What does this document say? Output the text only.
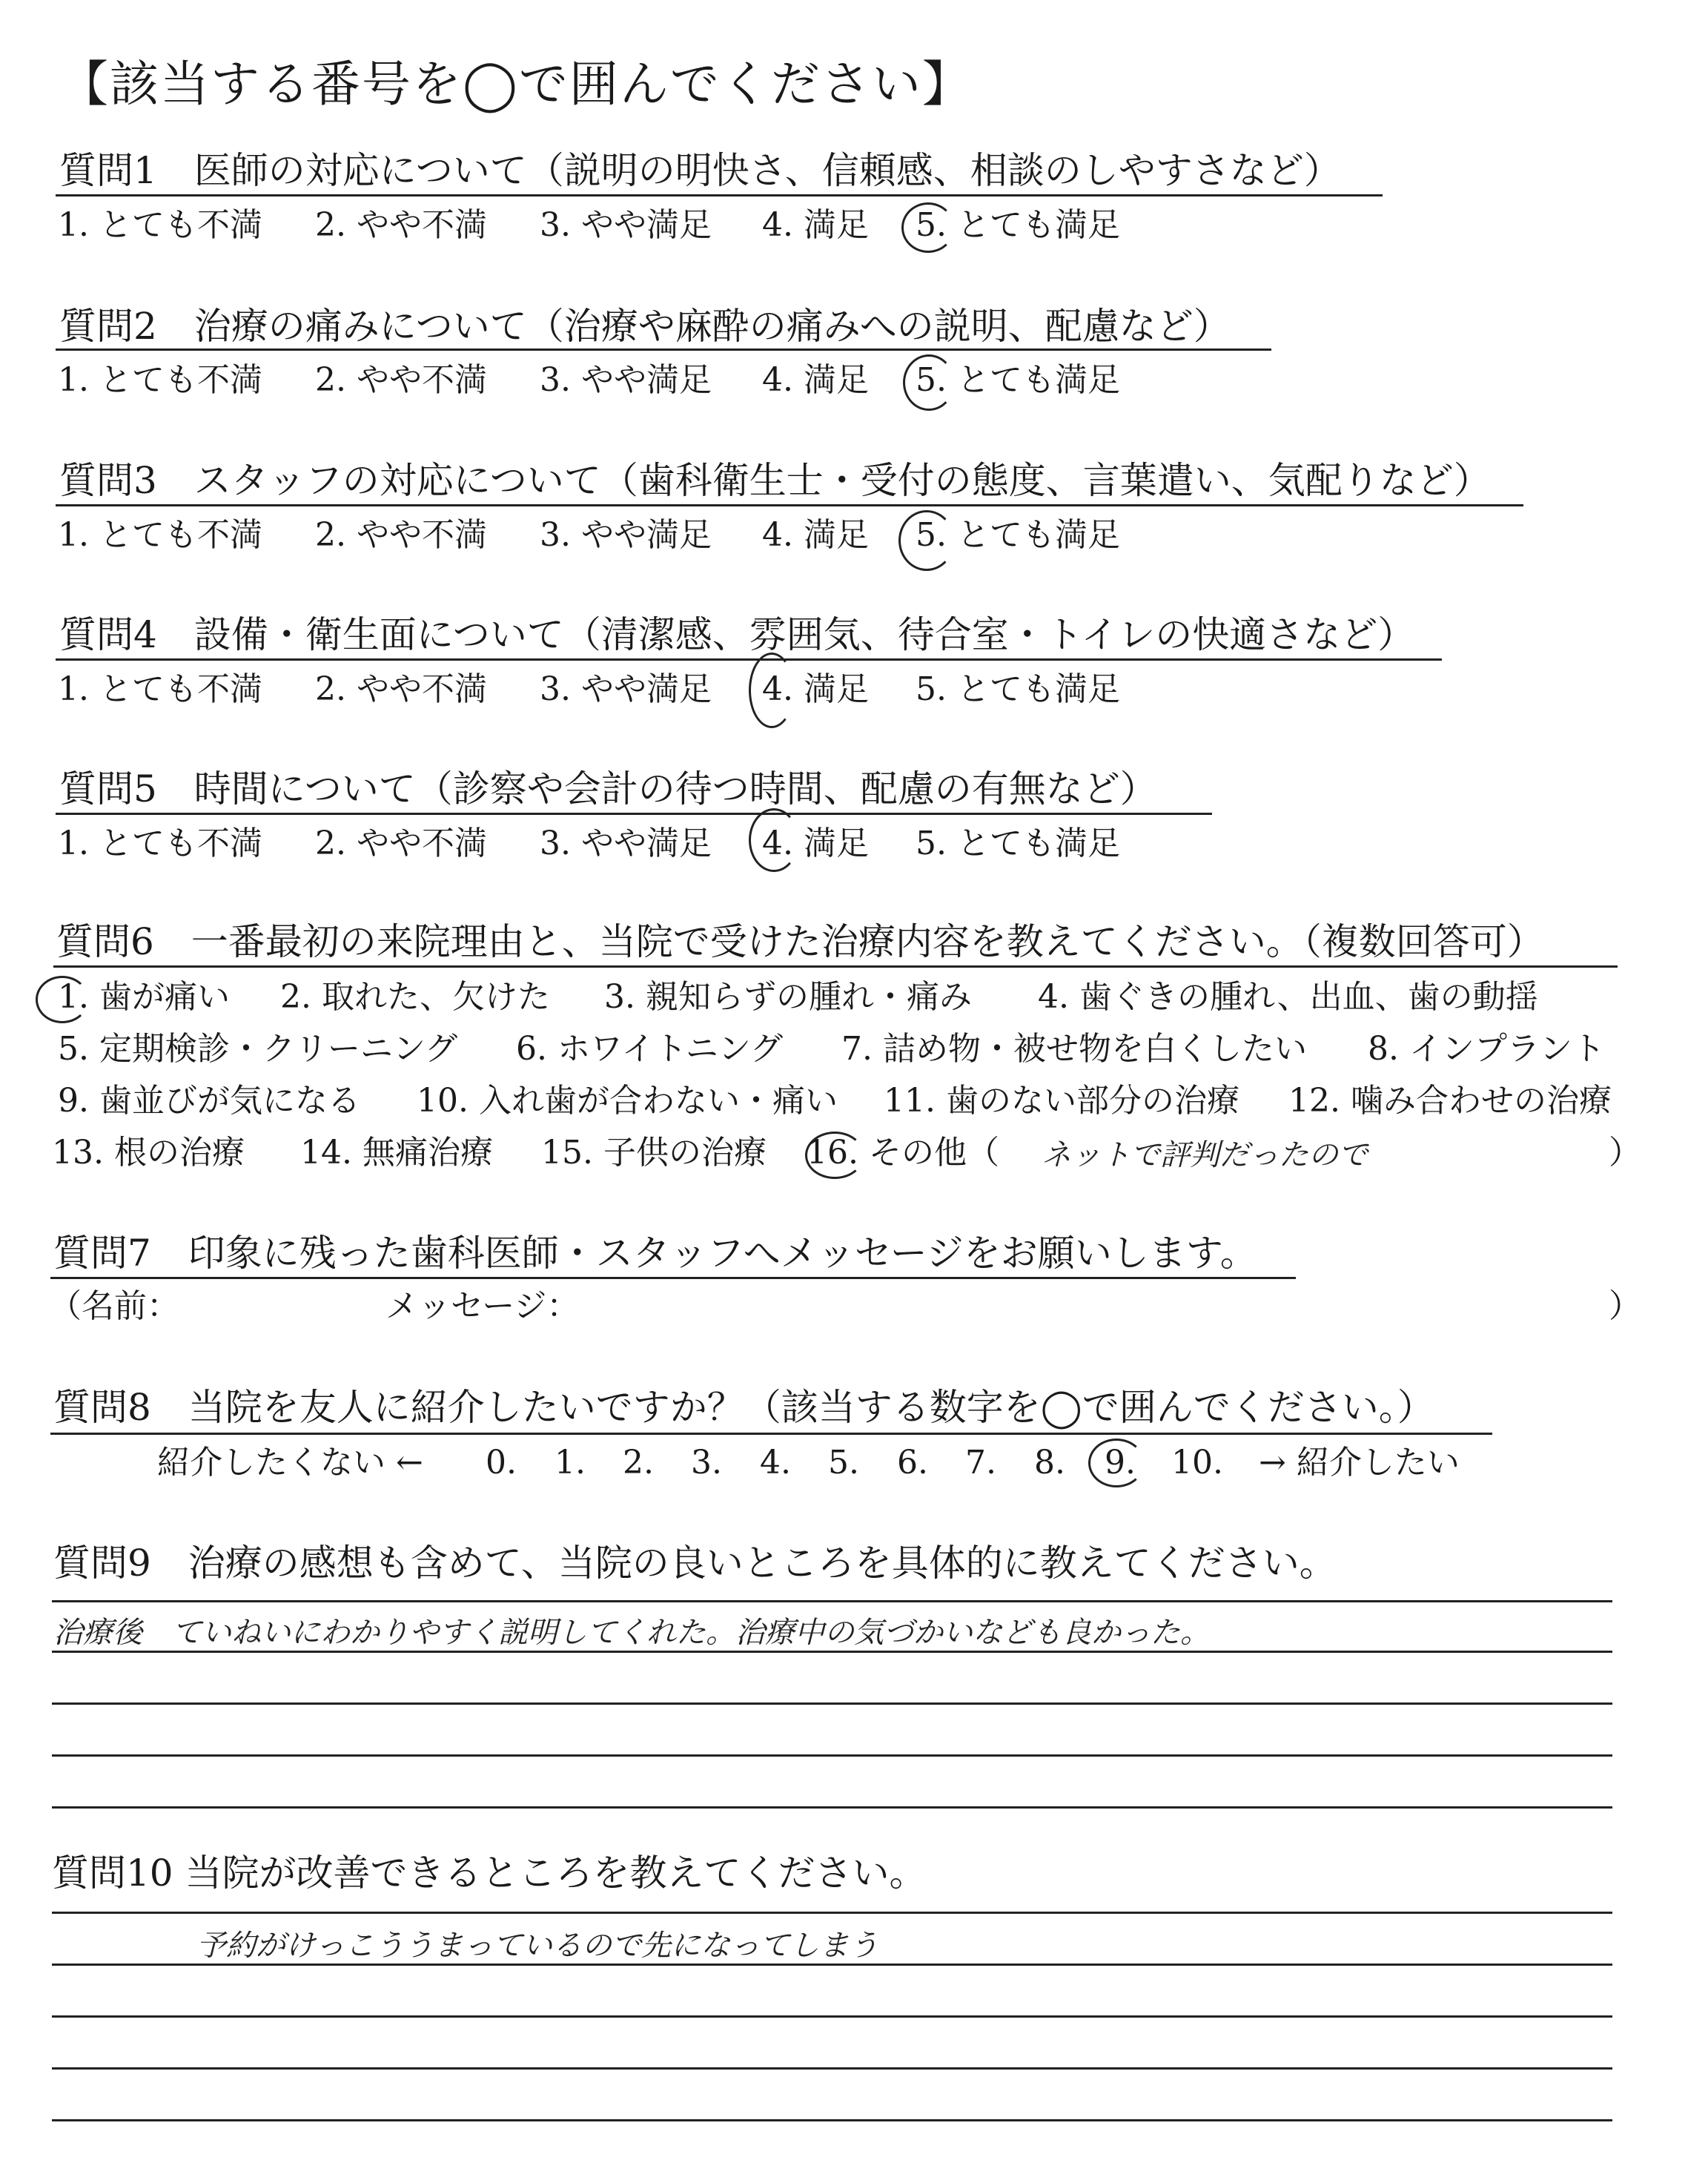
【該当する番号を◯で囲んでください】
質問1　医師の対応について（説明の明快さ、信頼感、相談のしやすさなど）
1. とても不満 2. やや不満 3. やや満足 4. 満足 5. とても満足
質問2　治療の痛みについて（治療や麻酔の痛みへの説明、配慮など）
1. とても不満 2. やや不満 3. やや満足 4. 満足 5. とても満足
質問3　スタッフの対応について（歯科衛生士・受付の態度、言葉遣い、気配りなど）
1. とても不満 2. やや不満 3. やや満足 4. 満足 5. とても満足
質問4　設備・衛生面について（清潔感、雰囲気、待合室・トイレの快適さなど）
1. とても不満 2. やや不満 3. やや満足 4. 満足 5. とても満足
質問5　時間について（診察や会計の待つ時間、配慮の有無など）
1. とても不満 2. やや不満 3. やや満足 4. 満足 5. とても満足
質問6　一番最初の来院理由と、当院で受けた治療内容を教えてください。（複数回答可）
1. 歯が痛い 2. 取れた、欠けた 3. 親知らずの腫れ・痛み 4. 歯ぐきの腫れ、出血、歯の動揺
5. 定期検診・クリーニング 6. ホワイトニング 7. 詰め物・被せ物を白くしたい 8. インプラント
9. 歯並びが気になる 10. 入れ歯が合わない・痛い 11. 歯のない部分の治療 12. 噛み合わせの治療
13. 根の治療 14. 無痛治療 15. 子供の治療 16. その他（	）
ネットで評判だったので
質問7　印象に残った歯科医師・スタッフへメッセージをお願いします。
（名前：	メッセージ：	）
質問8　当院を友人に紹介したいですか？（該当する数字を◯で囲んでください。）
紹介したくない ← 0. 1. 2. 3. 4. 5. 6. 7. 8. 9. 10. → 紹介したい
質問9　治療の感想も含めて、当院の良いところを具体的に教えてください。
治療後　ていねいにわかりやすく説明してくれた。治療中の気づかいなども良かった。
質問10 当院が改善できるところを教えてください。
予約がけっこううまっているので先になってしまう
